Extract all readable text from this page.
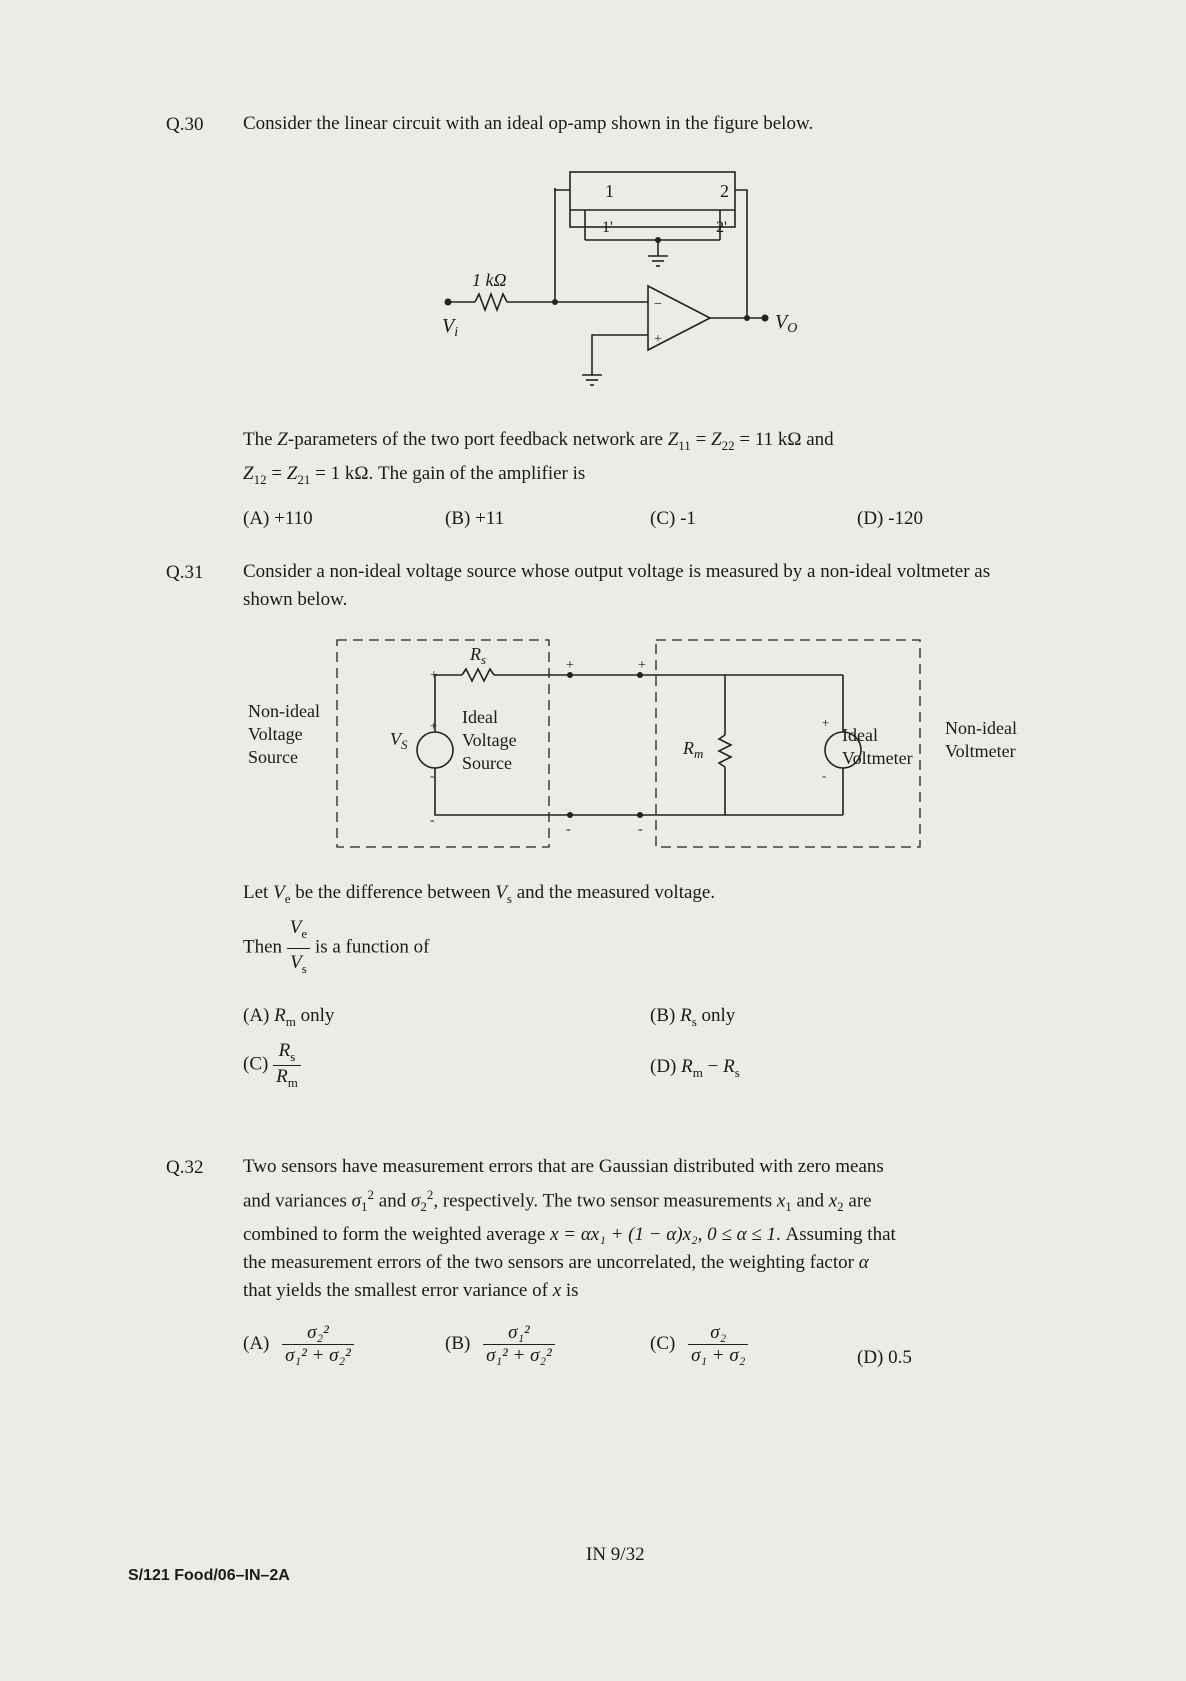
Q.30 Consider the linear circuit with an ideal op-amp shown in the figure below.
1	2
1'	2'
1 kΩ
$V_i$	$V_O$
−
+
The Z-parameters of the two port feedback network are $Z_{11} = Z_{22} = 11$ kΩ and
$Z_{12} = Z_{21} = 1$ kΩ. The gain of the amplifier is
(A) +110	(B) +11	(C) -1	(D) -120
Q.31 Consider a non-ideal voltage source whose output voltage is measured by a non-ideal voltmeter as shown below.
$R_s$
$V_S$
+
-
+
-
+
-
+
-
+
-
Ideal
Voltage
Source
Non-ideal
Voltage
Source	$R_m$
Ideal
Voltmeter
Non-ideal
Voltmeter
Let $V_e$ be the difference between $V_s$ and the measured voltage.
Then $\frac{V_e}{V_s}$ is a function of
(A) $R_m$ only	(B) $R_s$ only
$(C) \frac{R_s}{R_m}$	(D) $R_m - R_s$
Q.32 Two sensors have measurement errors that are Gaussian distributed with zero means
and variances $\sigma_1^2$ and $\sigma_2^2$, respectively. The two sensor measurements $x_1$ and $x_2$ are
combined to form the weighted average x = αx₁ + (1 − α)x₂, 0 ≤ α ≤ 1. Assuming that
the measurement errors of the two sensors are uncorrelated, the weighting factor α
that yields the smallest error variance of x is
$(A) \frac{\text{σ₂²}}{\text{σ₁² + σ₂²}}$	$(B) \frac{\text{σ₁²}}{\text{σ₁² + σ₂²}}$	$(C) \frac{\text{σ₂}}{\text{σ₁ + σ₂}}$	(D) 0.5
IN 9/32
S/121 Food/06–IN–2A
